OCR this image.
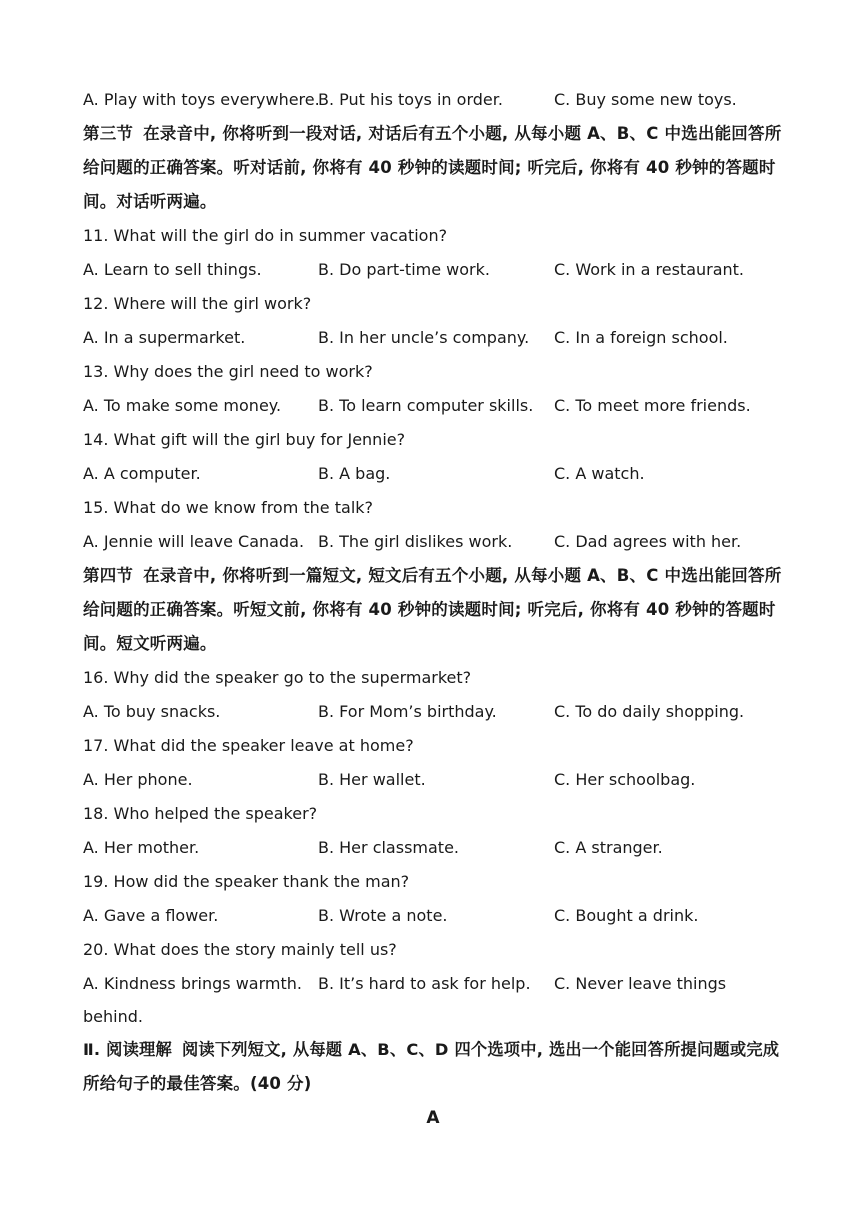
A. Play with toys everywhere.
B. Put his toys in order.	C. Buy some new toys.
第三节 在录音中, 你将听到一段对话, 对话后有五个小题, 从每小题 A、B、C 中选出能回答所
给问题的正确答案。听对话前, 你将有 40 秒钟的读题时间; 听完后, 你将有 40 秒钟的答题时
间。对话听两遍。
11. What will the girl do in summer vacation?
A. Learn to sell things.	B. Do part-time work.	C. Work in a restaurant.
12. Where will the girl work?
A. In a supermarket.	B. In her uncle’s company. C. In a foreign school.
13. Why does the girl need to work?
A. To make some money. B. To learn computer skills. C. To meet more friends.
14. What gift will the girl buy for Jennie?
A. A computer.	B. A bag.	C. A watch.
15. What do we know from the talk?
A. Jennie will leave Canada. B. The girl dislikes work.	C. Dad agrees with her.
第四节 在录音中, 你将听到一篇短文, 短文后有五个小题, 从每小题 A、B、C 中选出能回答所
给问题的正确答案。听短文前, 你将有 40 秒钟的读题时间; 听完后, 你将有 40 秒钟的答题时
间。短文听两遍。
16. Why did the speaker go to the supermarket?
A. To buy snacks.	B. For Mom’s birthday.	C. To do daily shopping.
17. What did the speaker leave at home?
A. Her phone.	B. Her wallet.	C. Her schoolbag.
18. Who helped the speaker?
A. Her mother.	B. Her classmate.	C. A stranger.
19. How did the speaker thank the man?
A. Gave a flower.	B. Wrote a note.	C. Bought a drink.
20. What does the story mainly tell us?
A. Kindness brings warmth. B. It’s hard to ask for help. C. Never leave things
behind.
Ⅱ. 阅读理解 阅读下列短文, 从每题 A、B、C、D 四个选项中, 选出一个能回答所提问题或完成
所给句子的最佳答案。(40 分)
A
